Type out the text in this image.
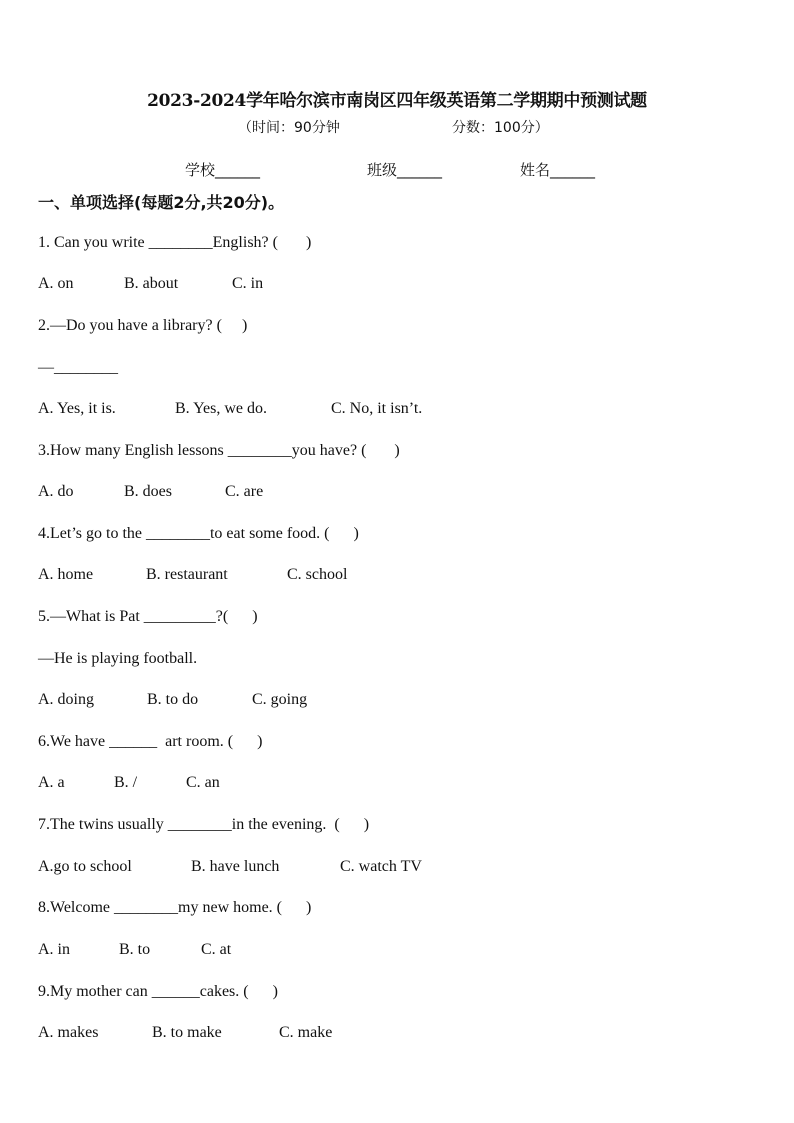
2023-2024学年哈尔滨市南岗区四年级英语第二学期期中预测试题
（时间：90分钟	分数：100分）
学校______	班级______	姓名______
一、单项选择(每题2分,共20分)。
1. Can you write ________English? (       )
A. on	B. about	C. in
2.—Do you have a library? (     )
—________
A. Yes, it is.	B. Yes, we do.	C. No, it isn’t.
3.How many English lessons ________you have? (       )
A. do	B. does	C. are
4.Let’s go to the ________to eat some food. (      )
A. home	B. restaurant	C. school
5.—What is Pat _________?(      )
—He is playing football.
A. doing	B. to do	C. going
6.We have ______  art room. (      )
A. a	B. /	C. an
7.The twins usually ________in the evening.  (      )
A.go to school	B. have lunch	C. watch TV
8.Welcome ________my new home. (      )
A. in	B. to	C. at
9.My mother can ______cakes. (      )
A. makes	B. to make	C. make
